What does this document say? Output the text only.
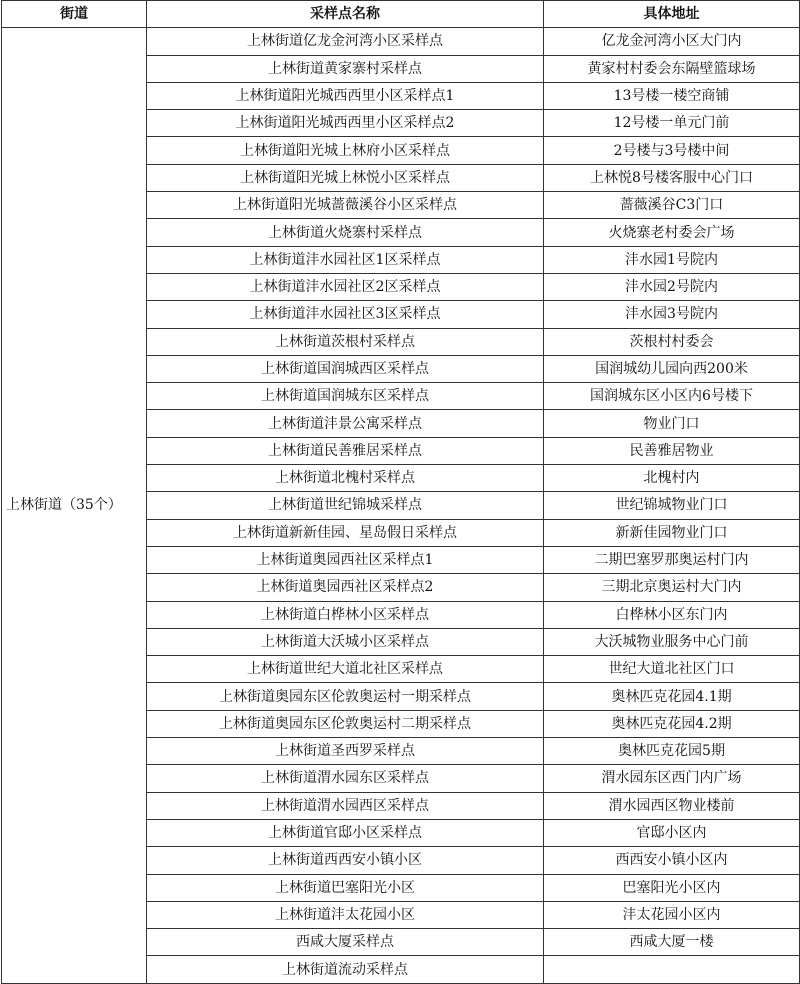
街道	采样点名称	具体地址
上林街道（35个）	上林街道亿龙金河湾小区采样点	亿龙金河湾小区大门内
	上林街道黄家寨村采样点	黄家村村委会东隔壁篮球场
	上林街道阳光城西西里小区采样点1	13号楼一楼空商铺
	上林街道阳光城西西里小区采样点2	12号楼一单元门前
	上林街道阳光城上林府小区采样点	2号楼与3号楼中间
	上林街道阳光城上林悦小区采样点	上林悦8号楼客服中心门口
	上林街道阳光城蔷薇溪谷小区采样点	蔷薇溪谷C3门口
	上林街道火烧寨村采样点	火烧寨老村委会广场
	上林街道沣水园社区1区采样点	沣水园1号院内
	上林街道沣水园社区2区采样点	沣水园2号院内
	上林街道沣水园社区3区采样点	沣水园3号院内
	上林街道茨根村采样点	茨根村村委会
	上林街道国润城西区采样点	国润城幼儿园向西200米
	上林街道国润城东区采样点	国润城东区小区内6号楼下
	上林街道沣景公寓采样点	物业门口
	上林街道民善雅居采样点	民善雅居物业
	上林街道北槐村采样点	北槐村内
	上林街道世纪锦城采样点	世纪锦城物业门口
	上林街道新新佳园、星岛假日采样点	新新佳园物业门口
	上林街道奥园西社区采样点1	二期巴塞罗那奥运村门内
	上林街道奥园西社区采样点2	三期北京奥运村大门内
	上林街道白桦林小区采样点	白桦林小区东门内
	上林街道大沃城小区采样点	大沃城物业服务中心门前
	上林街道世纪大道北社区采样点	世纪大道北社区门口
	上林街道奥园东区伦敦奥运村一期采样点	奥林匹克花园4.1期
	上林街道奥园东区伦敦奥运村二期采样点	奥林匹克花园4.2期
	上林街道圣西罗采样点	奥林匹克花园5期
	上林街道渭水园东区采样点	渭水园东区西门内广场
	上林街道渭水园西区采样点	渭水园西区物业楼前
	上林街道官邸小区采样点	官邸小区内
	上林街道西西安小镇小区	西西安小镇小区内
	上林街道巴塞阳光小区	巴塞阳光小区内
	上林街道沣太花园小区	沣太花园小区内
	西咸大厦采样点	西咸大厦一楼
	上林街道流动采样点	
